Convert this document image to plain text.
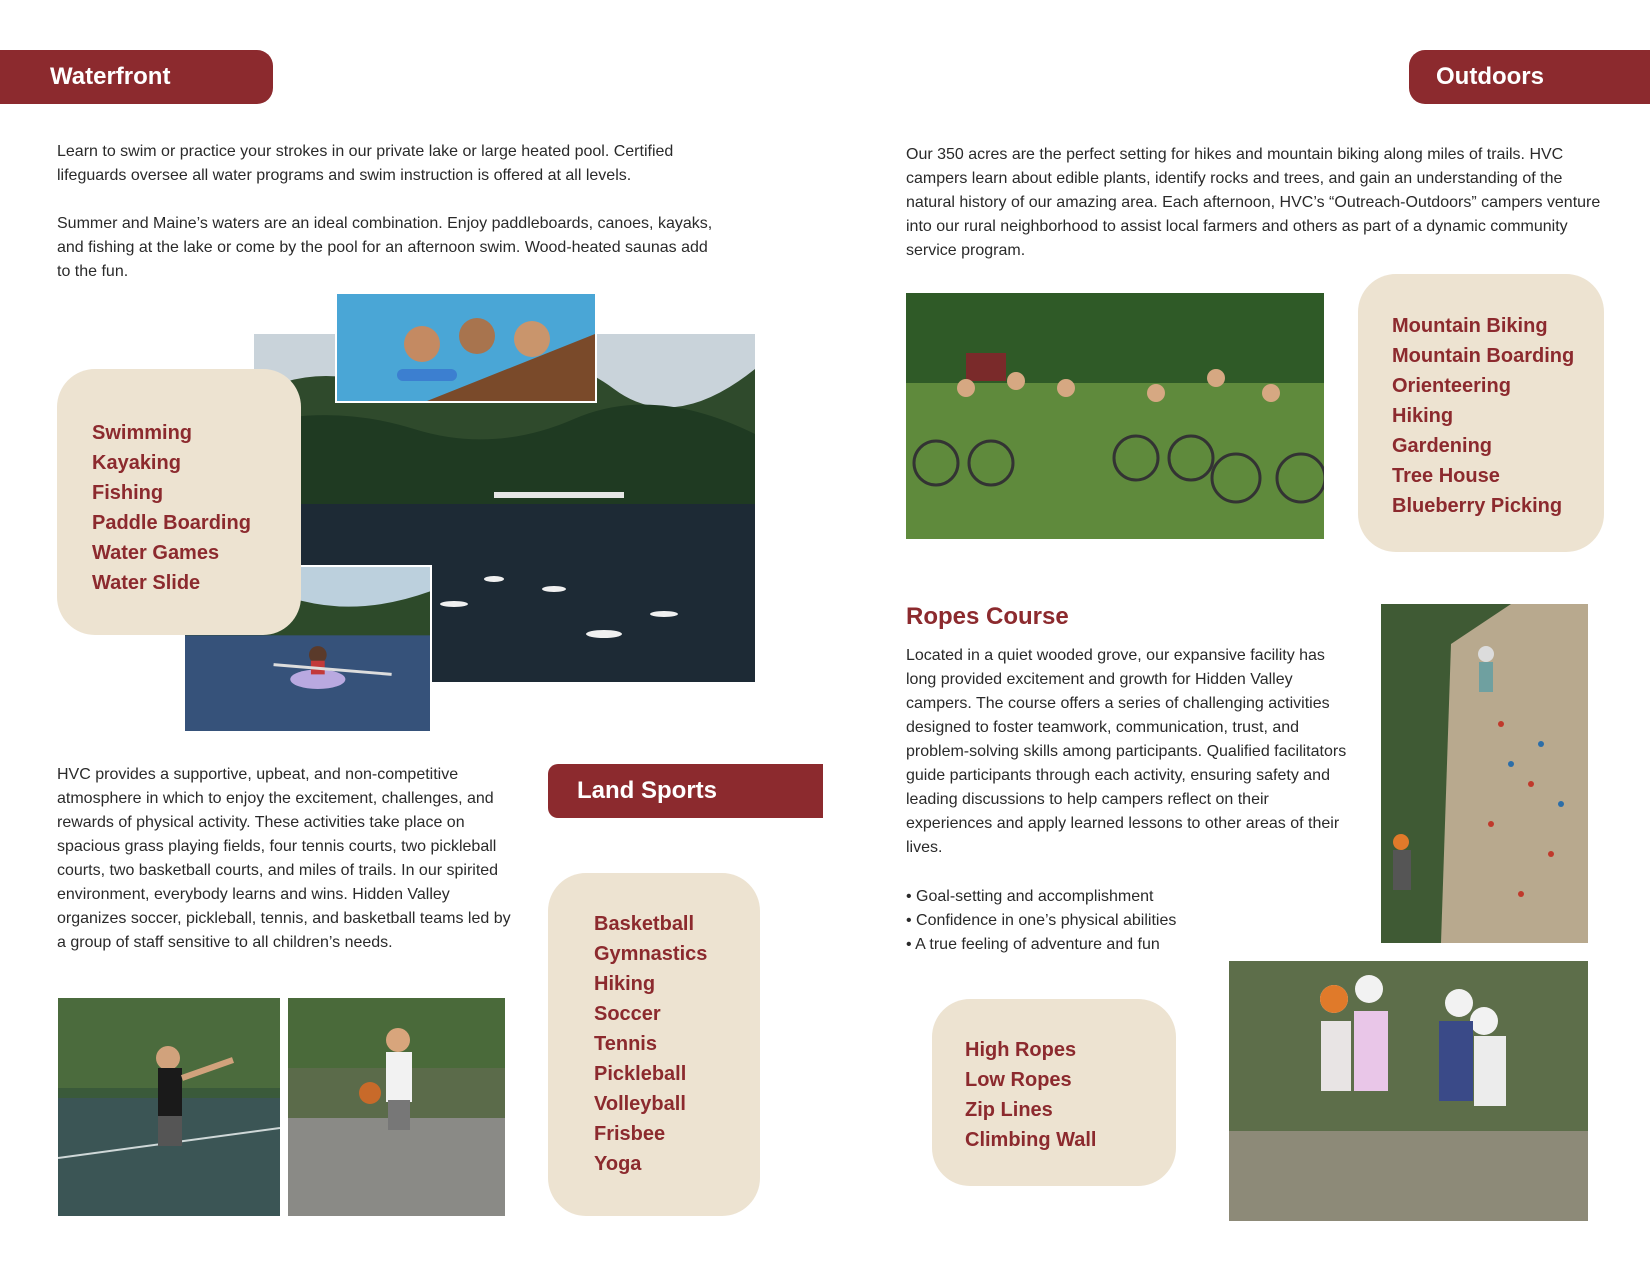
Waterfront

Learn to swim or practice your strokes in our private lake or large heated pool. Certified lifeguards oversee all water programs and swim instruction is offered at all levels.

Summer and Maine’s waters are an ideal combination. Enjoy paddleboards, canoes, kayaks, and fishing at the lake or come by the pool for an afternoon swim. Wood-heated saunas add to the fun.

Swimming
Kayaking
Fishing
Paddle Boarding
Water Games
Water Slide
HVC provides a supportive, upbeat, and non-competitive atmosphere in which to enjoy the excitement, challenges, and rewards of physical activity. These activities take place on spacious grass playing fields, four tennis courts, two pickleball courts, two basketball courts, and miles of trails. In our spirited environment, everybody learns and wins. Hidden Valley organizes soccer, pickleball, tennis, and basketball teams led by a group of staff sensitive to all children’s needs.
Land Sports
Basketball
Gymnastics
Hiking
Soccer
Tennis
Pickleball
Volleyball
Frisbee
Yoga
Outdoors
Our 350 acres are the perfect setting for hikes and mountain biking along miles of trails. HVC campers learn about edible plants, identify rocks and trees, and gain an understanding of the natural history of our amazing area. Each afternoon, HVC’s “Outreach-Outdoors” campers venture into our rural neighborhood to assist local farmers and others as part of a dynamic community service program.
Mountain Biking
Mountain Boarding
Orienteering
Hiking
Gardening
Tree House
Blueberry Picking
Ropes Course
Located in a quiet wooded grove, our expansive facility has long provided excitement and growth for Hidden Valley campers. The course offers a series of challenging activities designed to foster teamwork, communication, trust, and problem-solving skills among participants. Qualified facilitators guide participants through each activity, ensuring safety and leading discussions to help campers reflect on their experiences and apply learned lessons to other areas of their lives.
• Goal-setting and accomplishment
• Confidence in one’s physical abilities
• A true feeling of adventure and fun
High Ropes
Low Ropes
Zip Lines
Climbing Wall
